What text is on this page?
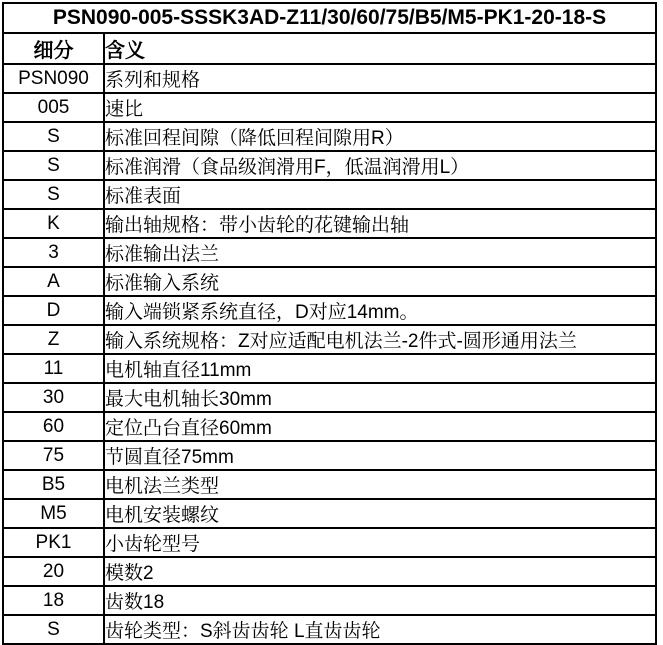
PSN090-005-SSSK3AD-Z11/30/60/75/B5/M5-PK1-20-18-S	
细分	含义
PSN090	系列和规格
005	速比
S	标准回程间隙（降低回程间隙用R）
S	标准润滑（食品级润滑用F，低温润滑用L）
S	标准表面
K	输出轴规格：带小齿轮的花键输出轴
3	标准输出法兰
A	标准输入系统
D	输入端锁紧系统直径，D对应14mm。
Z	输入系统规格：Z对应适配电机法兰-2件式-圆形通用法兰
11	电机轴直径11mm
30	最大电机轴长30mm
60	定位凸台直径60mm
75	节圆直径75mm
B5	电机法兰类型
M5	电机安装螺纹
PK1	小齿轮型号
20	模数2
18	齿数18
S	齿轮类型：S斜齿齿轮 L直齿齿轮
